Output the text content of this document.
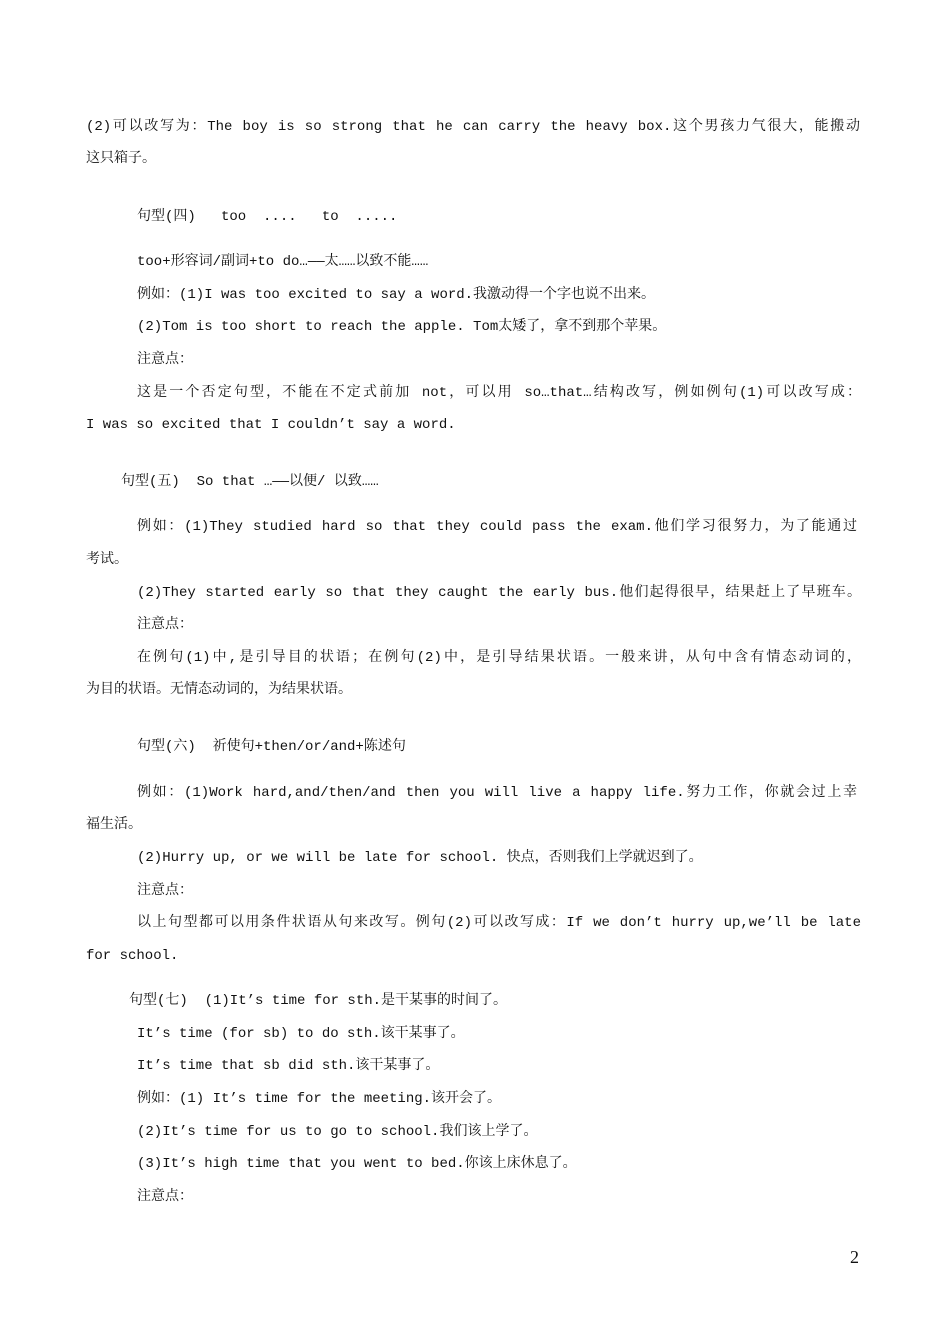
(2)可以改写为：The boy is so strong that he can carry the heavy box.这个男孩力气很大，能搬动
这只箱子。
句型(四)   too  ....   to  .....
too+形容词/副词+to do…——太……以致不能……
例如：(1)I was too excited to say a word.我激动得一个字也说不出来。
(2)Tom is too short to reach the apple. Tom太矮了，拿不到那个苹果。
注意点：
这是一个否定句型，不能在不定式前加 not，可以用 so…that…结构改写，例如例句(1)可以改写成：
I was so excited that I couldn’t say a word.
句型(五)  So that …——以便/ 以致……
例如：(1)They studied hard so that they could pass the exam.他们学习很努力，为了能通过
考试。
(2)They started early so that they caught the early bus.他们起得很早，结果赶上了早班车。
注意点：
在例句(1)中,是引导目的状语；在例句(2)中，是引导结果状语。一般来讲，从句中含有情态动词的，
为目的状语。无情态动词的，为结果状语。
句型(六)  祈使句+then/or/and+陈述句
例如：(1)Work hard,and/then/and then you will live a happy life.努力工作，你就会过上幸
福生活。
(2)Hurry up, or we will be late for school. 快点，否则我们上学就迟到了。
注意点：
以上句型都可以用条件状语从句来改写。例句(2)可以改写成：If we don’t hurry up,we’ll be late
for school.
句型(七)  (1)It’s time for sth.是干某事的时间了。
It’s time (for sb) to do sth.该干某事了。
It’s time that sb did sth.该干某事了。
例如：(1) It’s time for the meeting.该开会了。
(2)It’s time for us to go to school.我们该上学了。
(3)It’s high time that you went to bed.你该上床休息了。
注意点：
2
